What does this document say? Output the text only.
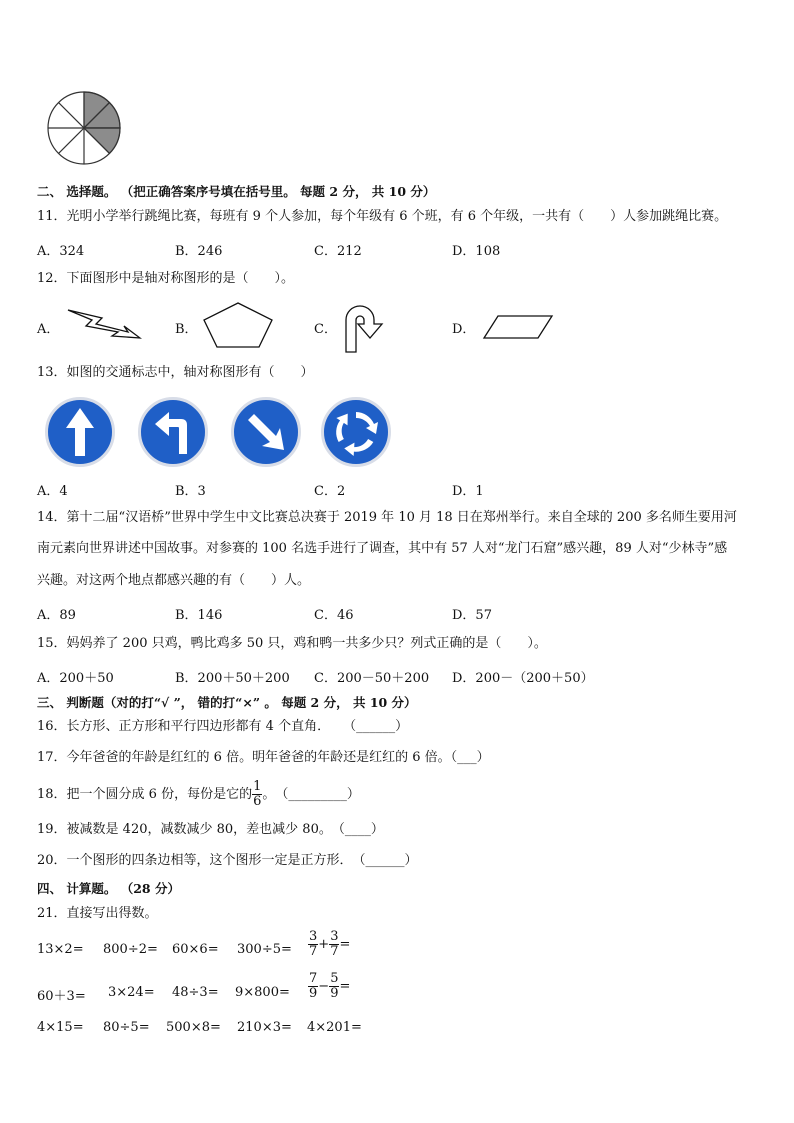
二、 选择题。 （把正确答案序号填在括号里。 每题 2 分， 共 10 分）
11．光明小学举行跳绳比赛，每班有 9 个人参加，每个年级有 6 个班，有 6 个年级，一共有（　　）人参加跳绳比赛。
A．324	B．246	C．212	D．108
12．下面图形中是轴对称图形的是（　　）。
A．	B．	C．	D．
13．如图的交通标志中，轴对称图形有（　　）
A．4	B．3	C．2	D．1
14．第十二届“汉语桥”世界中学生中文比赛总决赛于 2019 年 10 月 18 日在郑州举行。来自全球的 200 多名师生要用河
南元素向世界讲述中国故事。对参赛的 100 名选手进行了调查，其中有 57 人对“龙门石窟”感兴趣，89 人对“少林寺”感
兴趣。对这两个地点都感兴趣的有（　　）人。
A．89	B．146	C．46	D．57
15．妈妈养了 200 只鸡，鸭比鸡多 50 只，鸡和鸭一共多少只？列式正确的是（　　）。
A．200＋50	B．200＋50＋200 C．200－50＋200 D．200－（200＋50）
三、 判断题（对的打“√ ”， 错的打“×” 。 每题 2 分， 共 10 分）
16．长方形、正方形和平行四边形都有 4 个直角．　　（______）
17．今年爸爸的年龄是红红的 6 倍。明年爸爸的年龄还是红红的 6 倍。（___）
18．把一个圆分成 6 份，每份是它的 $\frac{1}{6}$ 。　（_________）
19．被减数是 420，减数减少 80，差也减少 80。　（____）
20．一个图形的四条边相等，这个图形一定是正方形．　（______）
四、 计算题。 （28 分）
21．直接写出得数。
$13\times 2= 800\div 2= 60\times 6= 300\div 5= \frac{3}{7} + \frac{3}{7}$ =
$60+3= 3\times 24= 48\div 3= 9\times 800= \frac{7}{9} - \frac{5}{9}$ =
4×15= 80÷5= 500×8= 210×3= 4×201=
